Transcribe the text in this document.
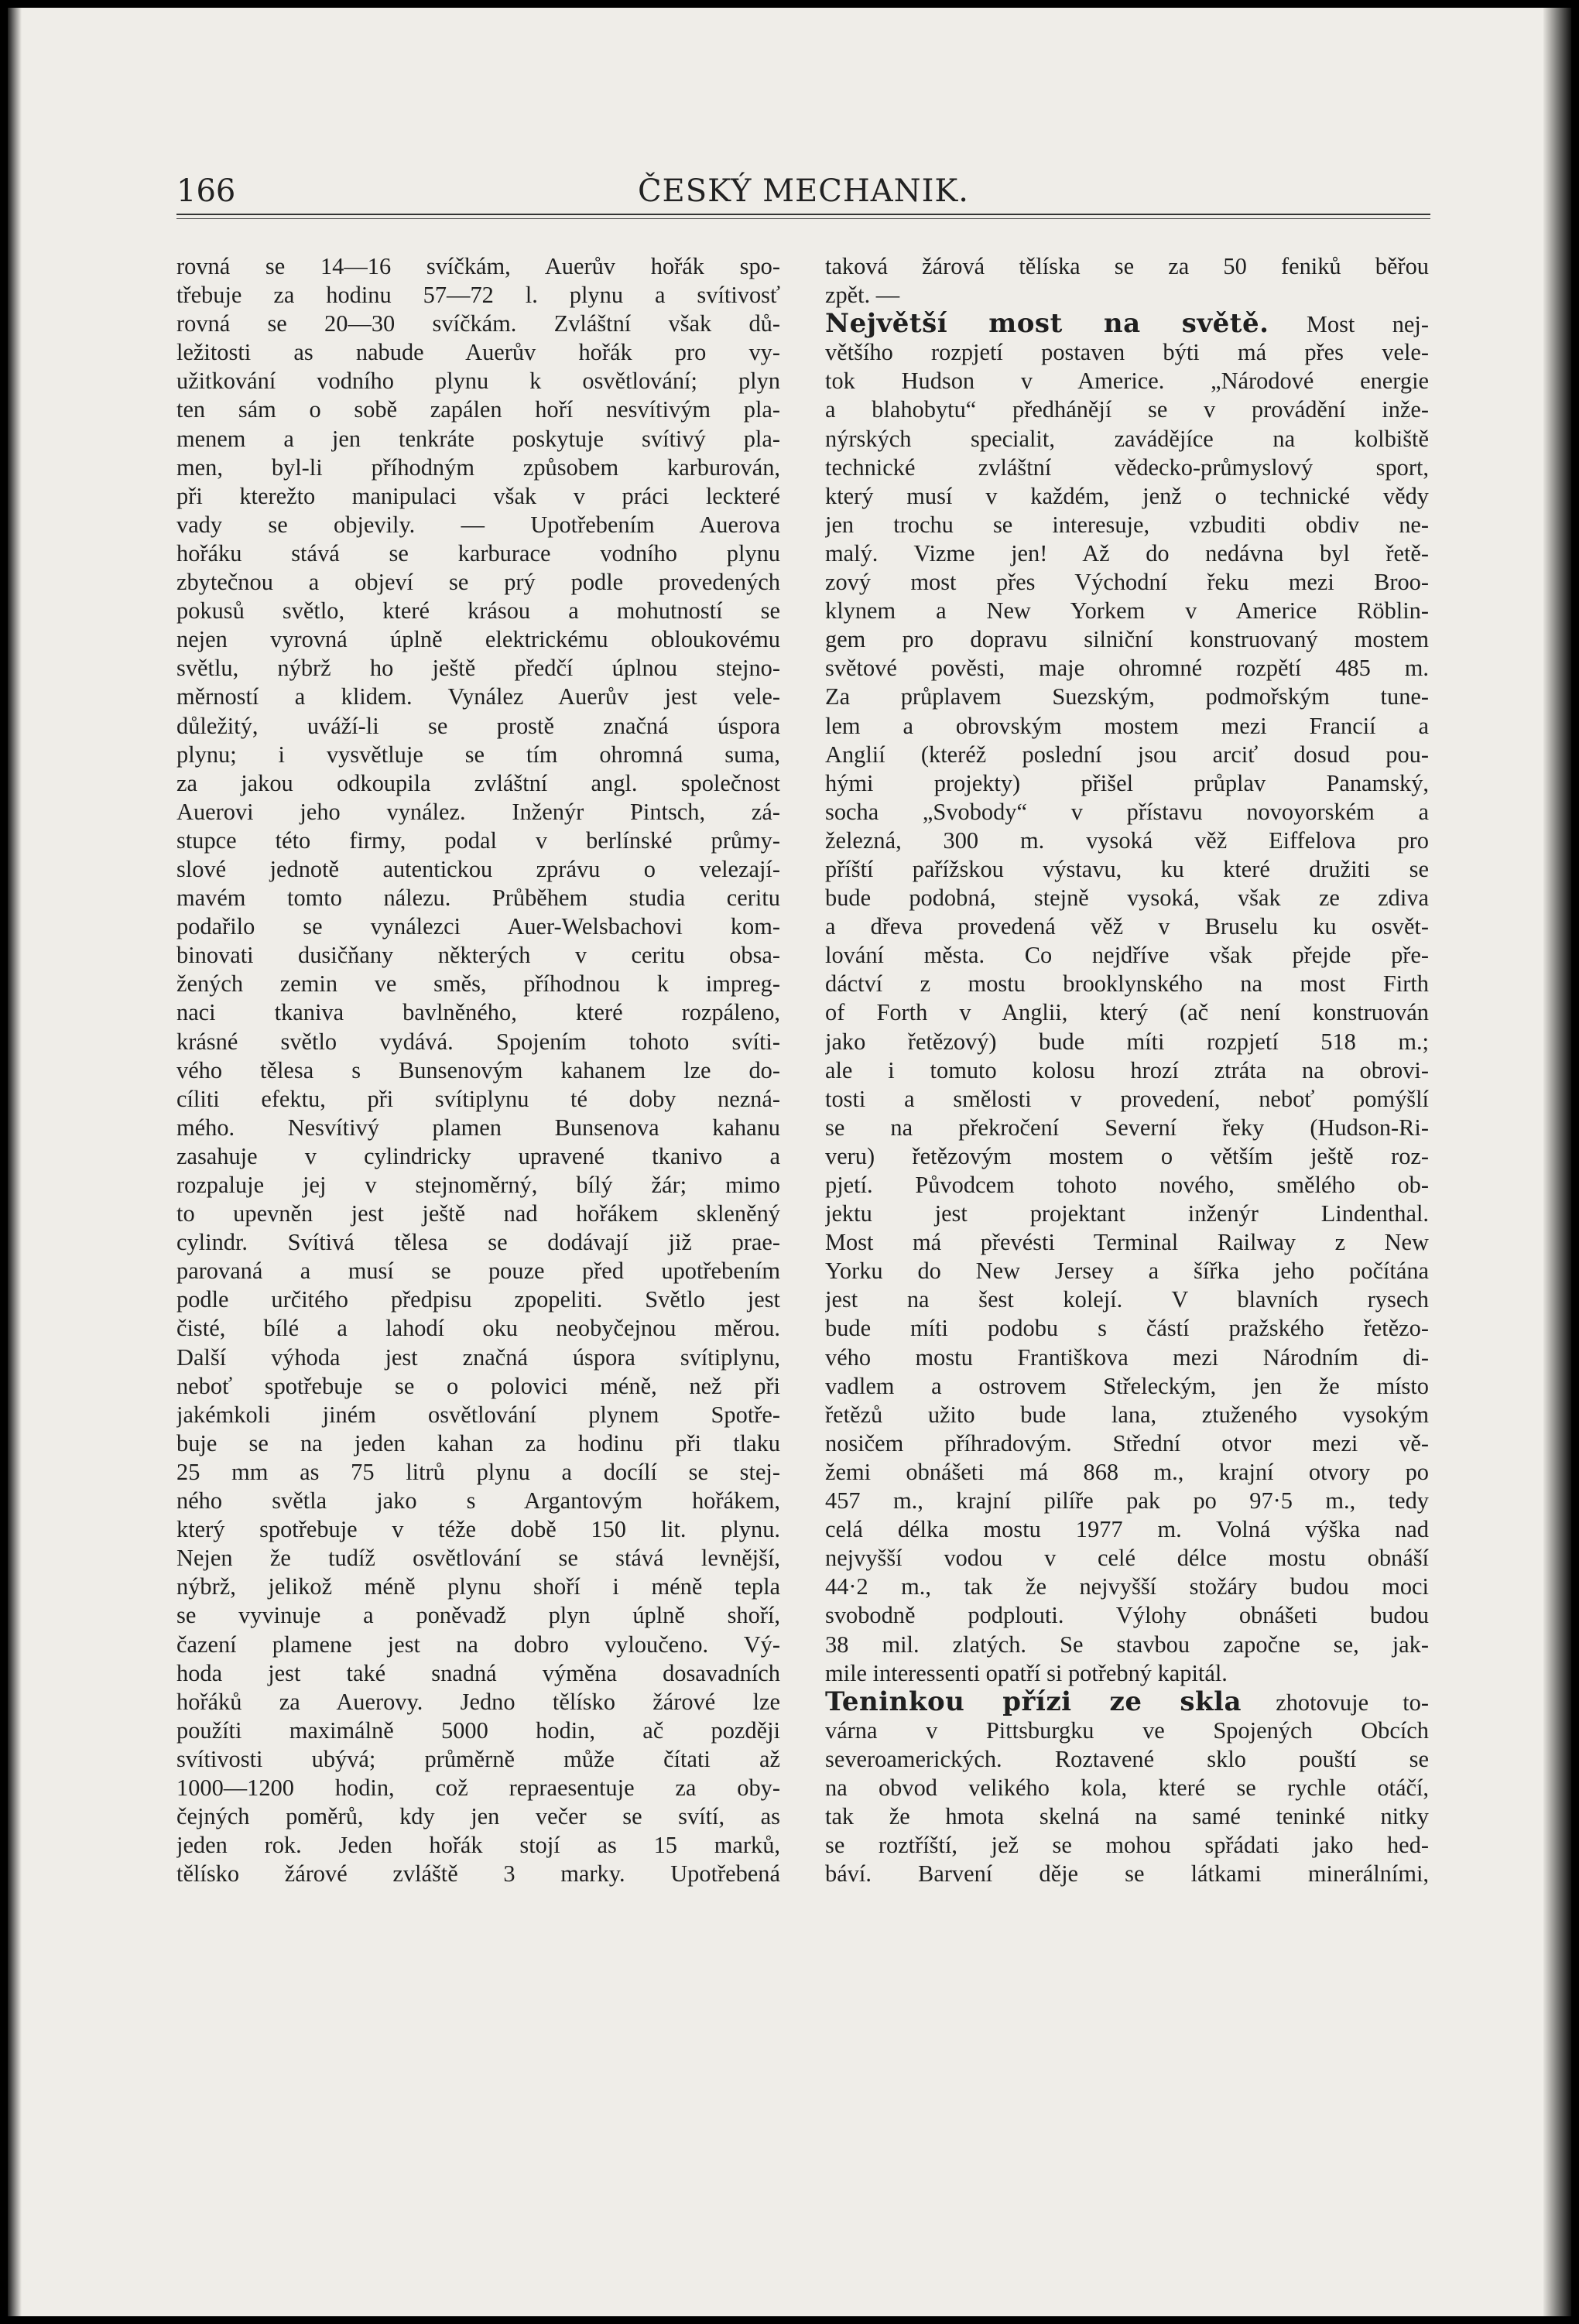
166	ČESKÝ MECHANIK.
rovná se 14—16 svíčkám, Auerův hořák spo-
třebuje za hodinu 57—72 l. plynu a svítivosť
rovná se 20—30 svíčkám. Zvláštní však dů-
ležitosti as nabude Auerův hořák pro vy-
užitkování vodního plynu k osvětlování; plyn
ten sám o sobě zapálen hoří nesvítivým pla-
menem a jen tenkráte poskytuje svítivý pla-
men, byl-li příhodným způsobem karburován,
při kterežto manipulaci však v práci leckteré
vady se objevily. — Upotřebením Auerova
hořáku stává se karburace vodního plynu
zbytečnou a objeví se prý podle provedených
pokusů světlo, které krásou a mohutností se
nejen vyrovná úplně elektrickému obloukovému
světlu, nýbrž ho ještě předčí úplnou stejno-
měrností a klidem. Vynález Auerův jest vele-
důležitý, uváží-li se prostě značná úspora
plynu; i vysvětluje se tím ohromná suma,
za jakou odkoupila zvláštní angl. společnost
Auerovi jeho vynález. Inženýr Pintsch, zá-
stupce této firmy, podal v berlínské průmy-
slové jednotě autentickou zprávu o velezají-
mavém tomto nálezu. Průběhem studia ceritu
podařilo se vynálezci Auer-Welsbachovi kom-
binovati dusičňany některých v ceritu obsa-
žených zemin ve směs, příhodnou k impreg-
naci tkaniva bavlněného, které rozpáleno,
krásné světlo vydává. Spojením tohoto svíti-
vého tělesa s Bunsenovým kahanem lze do-
cíliti efektu, při svítiplynu té doby nezná-
mého. Nesvítivý plamen Bunsenova kahanu
zasahuje v cylindricky upravené tkanivo a
rozpaluje jej v stejnoměrný, bílý žár; mimo
to upevněn jest ještě nad hořákem skleněný
cylindr. Svítivá tělesa se dodávají již prae-
parovaná a musí se pouze před upotřebením
podle určitého předpisu zpopeliti. Světlo jest
čisté, bílé a lahodí oku neobyčejnou měrou.
Další výhoda jest značná úspora svítiplynu,
neboť spotřebuje se o polovici méně, než při
jakémkoli jiném osvětlování plynem Spotře-
buje se na jeden kahan za hodinu při tlaku
25 mm as 75 litrů plynu a docílí se stej-
ného světla jako s Argantovým hořákem,
který spotřebuje v téže době 150 lit. plynu.
Nejen že tudíž osvětlování se stává levnější,
nýbrž, jelikož méně plynu shoří i méně tepla
se vyvinuje a poněvadž plyn úplně shoří,
čazení plamene jest na dobro vyloučeno. Vý-
hoda jest také snadná výměna dosavadních
hořáků za Auerovy. Jedno tělísko žárové lze
použíti maximálně 5000 hodin, ač později
svítivosti ubývá; průměrně může čítati až
1000—1200 hodin, což repraesentuje za oby-
čejných poměrů, kdy jen večer se svítí, as
jeden rok. Jeden hořák stojí as 15 marků,
tělísko žárové zvláště 3 marky. Upotřebená
taková žárová tělíska se za 50 feniků běřou
zpět. —
Největší most na světě. Most nej-
většího rozpjetí postaven býti má přes vele-
tok Hudson v Americe. „Národové energie
a blahobytu“ předhánějí se v provádění inže-
nýrských specialit, zavádějíce na kolbiště
technické zvláštní vědecko-průmyslový sport,
který musí v každém, jenž o technické vědy
jen trochu se interesuje, vzbuditi obdiv ne-
malý. Vizme jen! Až do nedávna byl řetě-
zový most přes Východní řeku mezi Broo-
klynem a New Yorkem v Americe Röblin-
gem pro dopravu silniční konstruovaný mostem
světové pověsti, maje ohromné rozpětí 485 m.
Za průplavem Suezským, podmořským tune-
lem a obrovským mostem mezi Francií a
Anglií (kteréž poslední jsou arciť dosud pou-
hými projekty) přišel průplav Panamský,
socha „Svobody“ v přístavu novoyorském a
železná, 300 m. vysoká věž Eiffelova pro
příští pařížskou výstavu, ku které družiti se
bude podobná, stejně vysoká, však ze zdiva
a dřeva provedená věž v Bruselu ku osvět-
lování města. Co nejdříve však přejde pře-
dáctví z mostu brooklynského na most Firth
of Forth v Anglii, který (ač není konstruován
jako řetězový) bude míti rozpjetí 518 m.;
ale i tomuto kolosu hrozí ztráta na obrovi-
tosti a smělosti v provedení, neboť pomýšlí
se na překročení Severní řeky (Hudson-Ri-
veru) řetězovým mostem o větším ještě roz-
pjetí. Původcem tohoto nového, smělého ob-
jektu jest projektant inženýr Lindenthal.
Most má převésti Terminal Railway z New
Yorku do New Jersey a šířka jeho počítána
jest na šest kolejí. V blavních rysech
bude míti podobu s částí pražského řetězo-
vého mostu Františkova mezi Národním di-
vadlem a ostrovem Střeleckým, jen že místo
řetězů užito bude lana, ztuženého vysokým
nosičem příhradovým. Střední otvor mezi vě-
žemi obnášeti má 868 m., krajní otvory po
457 m., krajní pilíře pak po 97·5 m., tedy
celá délka mostu 1977 m. Volná výška nad
nejvyšší vodou v celé délce mostu obnáší
44·2 m., tak že nejvyšší stožáry budou moci
svobodně podplouti. Výlohy obnášeti budou
38 mil. zlatých. Se stavbou započne se, jak-
mile interessenti opatří si potřebný kapitál.
Teninkou přízi ze skla zhotovuje to-
várna v Pittsburgku ve Spojených Obcích
severoamerických. Roztavené sklo pouští se
na obvod velikého kola, které se rychle otáčí,
tak že hmota skelná na samé teninké nitky
se roztříští, jež se mohou spřádati jako hed-
báví. Barvení děje se látkami minerálními,
